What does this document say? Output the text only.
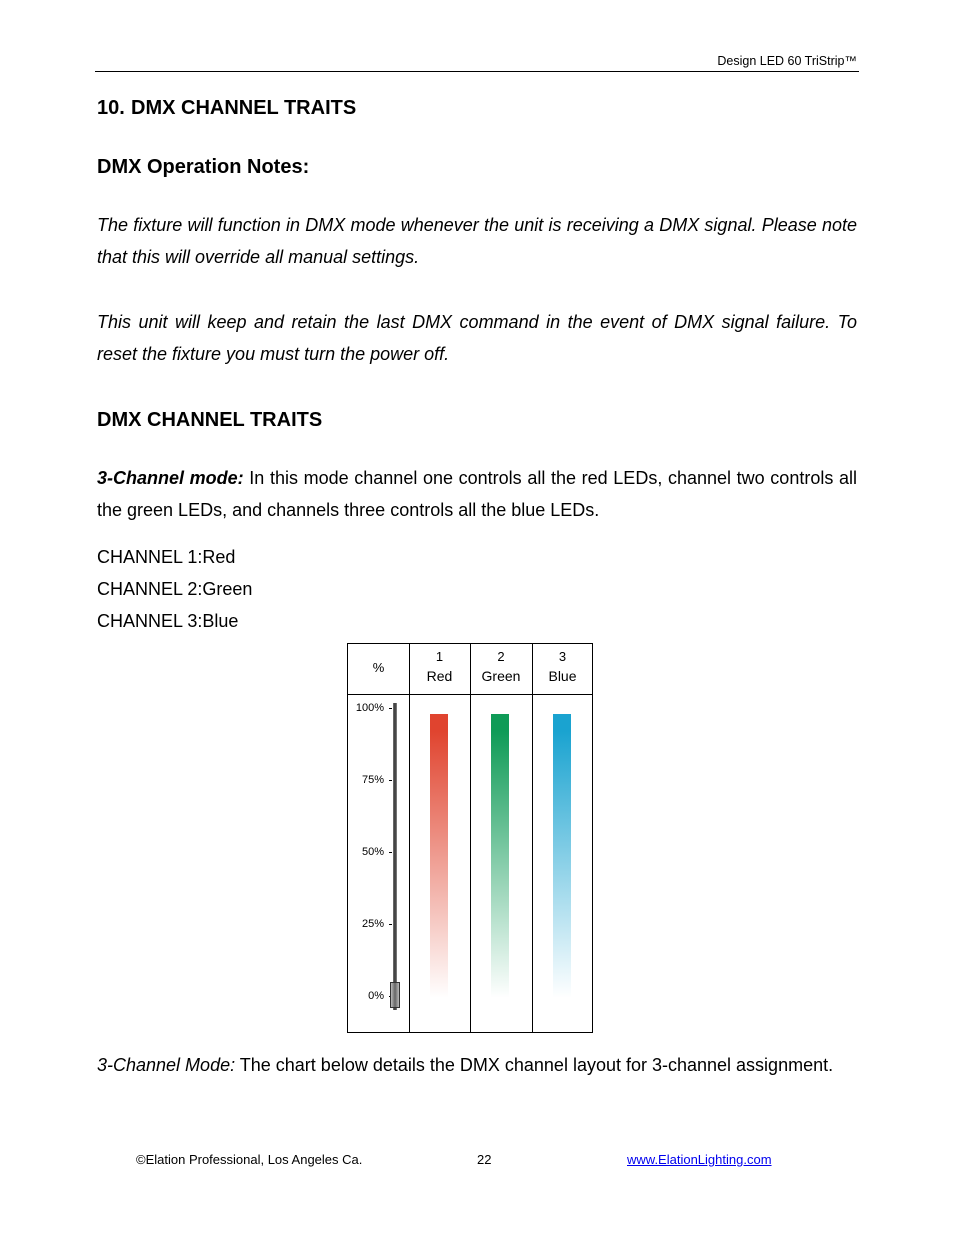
Design LED 60 TriStrip™
10. DMX CHANNEL TRAITS
DMX Operation Notes:
The fixture will function in DMX mode whenever the unit is receiving a DMX signal. Please note that this will override all manual settings.
This unit will keep and retain the last DMX command in the event of DMX signal failure. To reset the fixture you must turn the power off.
DMX CHANNEL TRAITS
3-Channel mode: In this mode channel one controls all the red LEDs, channel two controls all the green LEDs, and channels three controls all the blue LEDs.
CHANNEL 1:Red
CHANNEL 2:Green
CHANNEL 3:Blue
%
1
Red
2
Green
3
Blue
100%
75%
50%
25%
0%
3-Channel Mode: The chart below details the DMX channel layout for 3-channel assignment.
©Elation Professional, Los Angeles Ca.	22	www.ElationLighting.com
